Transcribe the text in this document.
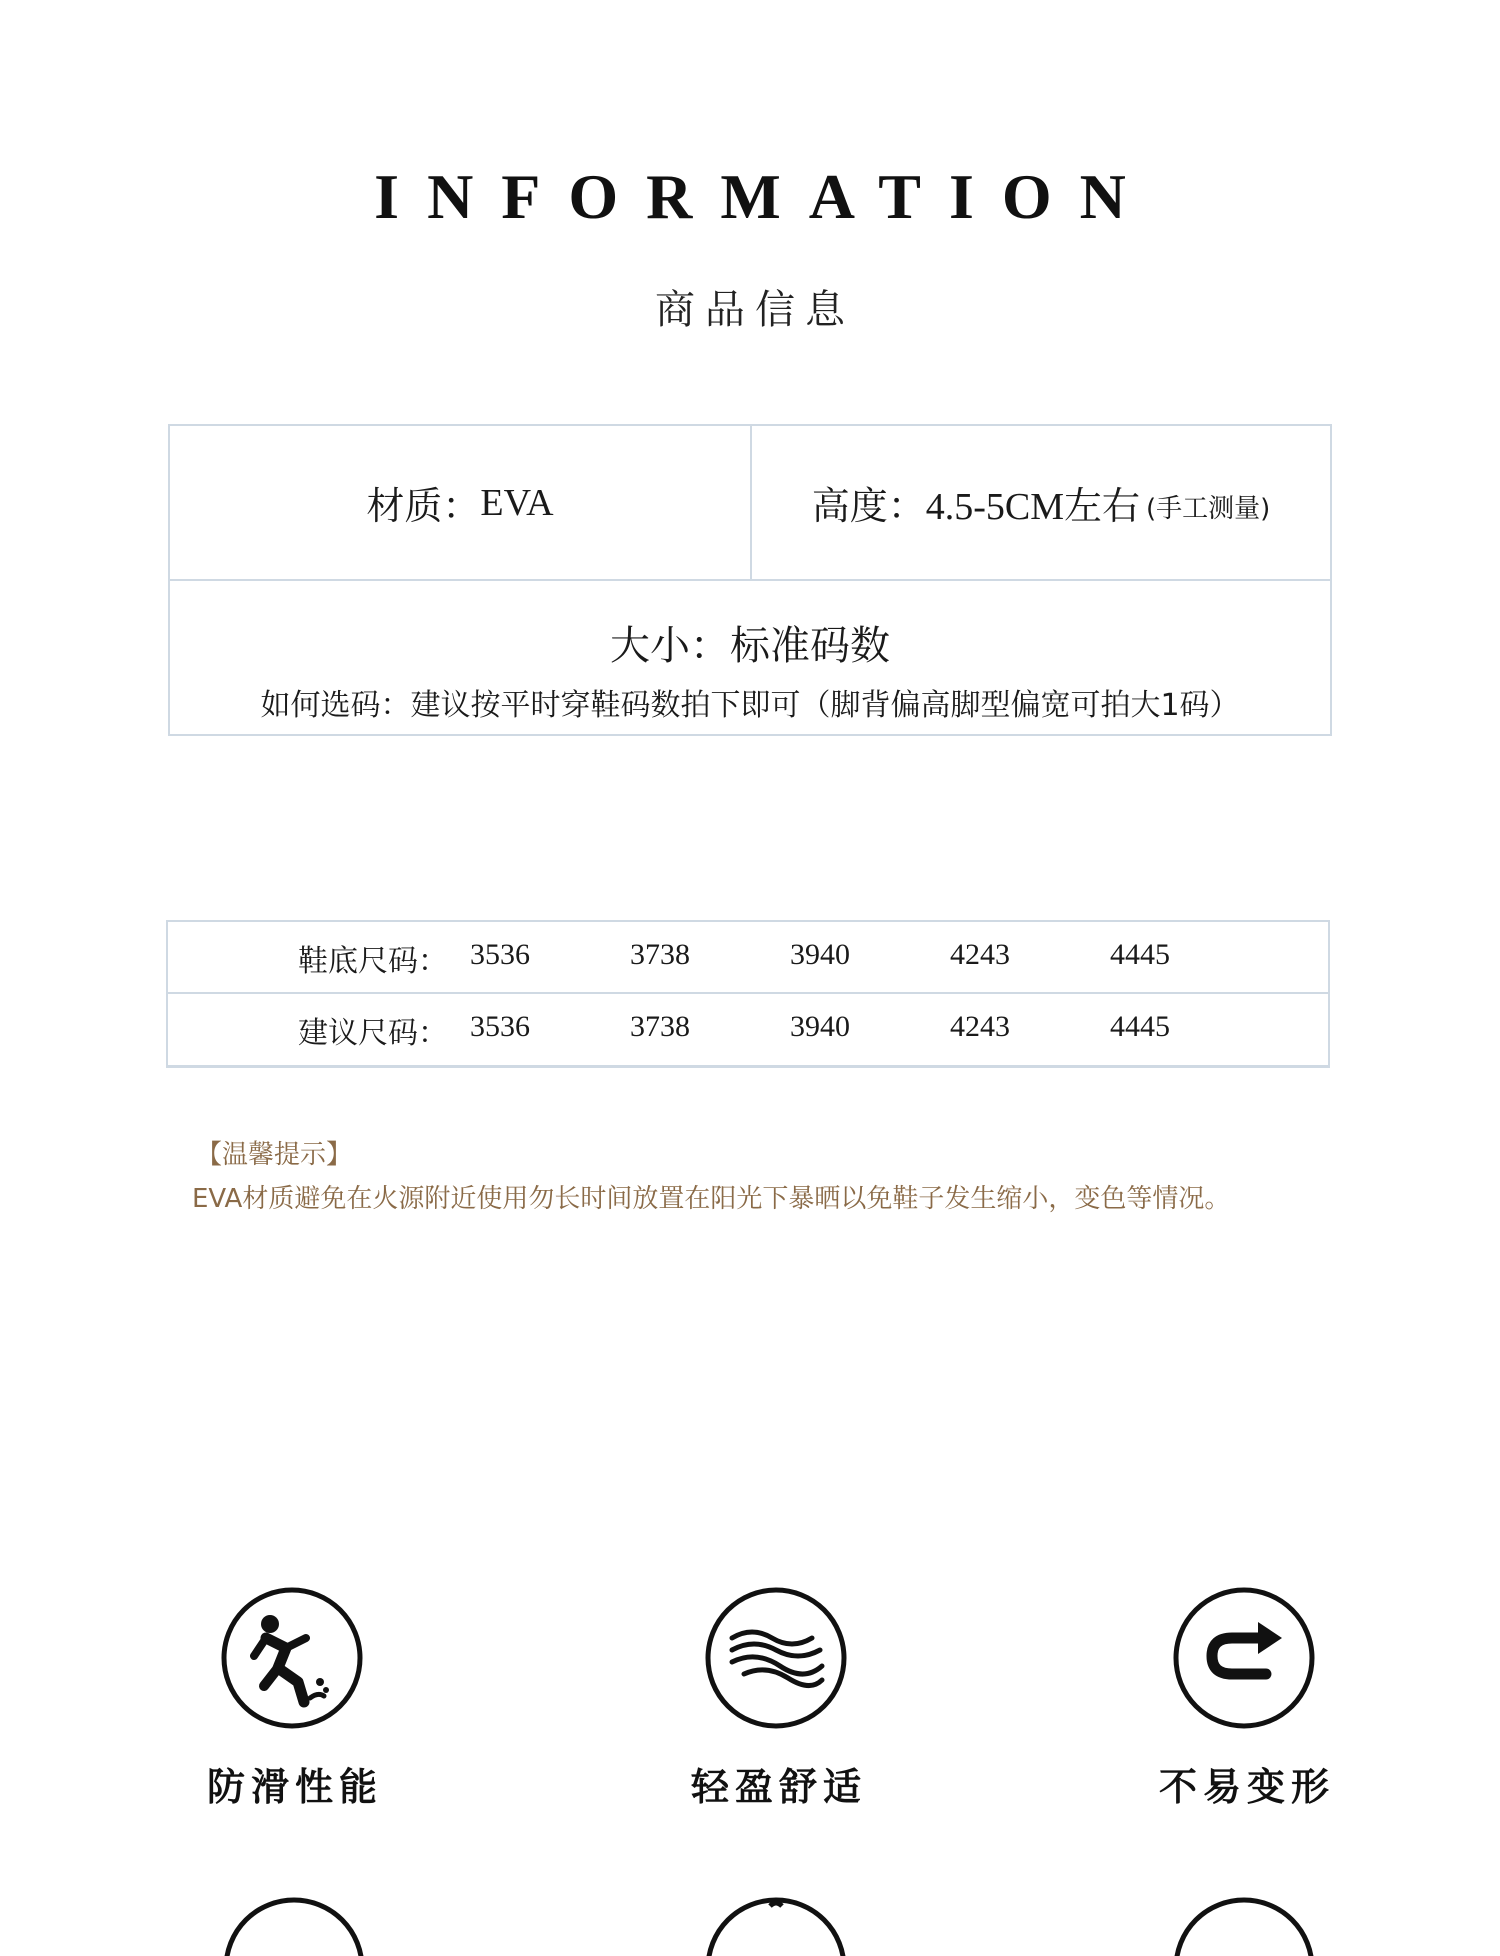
INFORMATION
商品信息
材质： EVA	高度： 4.5-5CM左右 (手工测量)
大小：标准码数
如何选码：建议按平时穿鞋码数拍下即可（脚背偏高脚型偏宽可拍大1码）
鞋底尺码： 3536	3738	3940	4243	4445
建议尺码： 3536	3738	3940	4243	4445
【温馨提示】
EVA材质避免在火源附近使用勿长时间放置在阳光下暴晒以免鞋子发生缩小，变色等情况。
防滑性能	轻盈舒适	不易变形
